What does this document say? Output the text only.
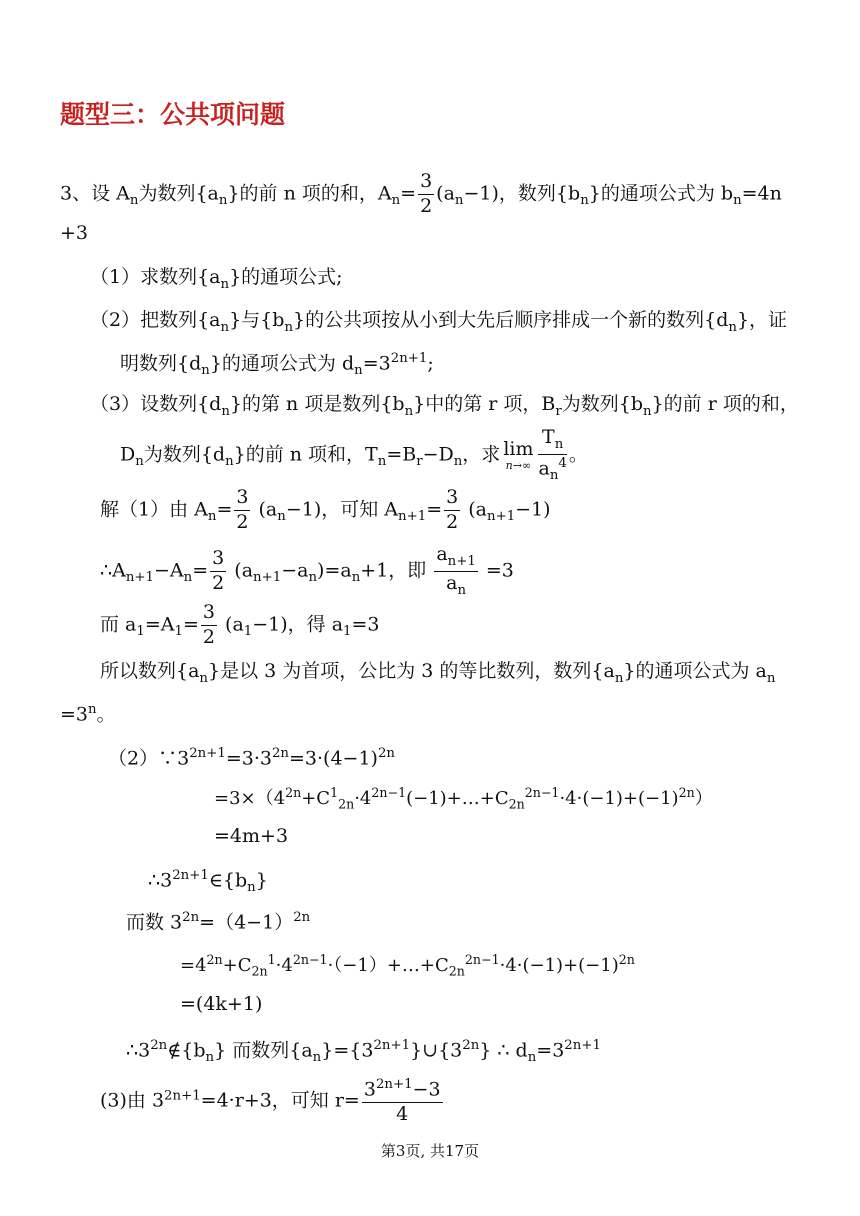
题型三：公共项问题
3、设 $A_n$为数列$\{a_n\}$的前 n 项的和，$A_n= \frac{3}{2} (a_n-1)$，数列$\{b_n\}$的通项公式为 $b_n=4n$
+3
（1）求数列$\{a_n\}$的通项公式;
（2）把数列$\{a_n\}$与$\{b_n\}$的公共项按从小到大先后顺序排成一个新的数列$\{d_n\}$，证
明数列$\{d_n\}$的通项公式为 $d_n=3^{2n+1}$;
（3）设数列$\{d_n\}$的第 n 项是数列$\{b_n\}$中的第 r 项，$B_r$为数列$\{b_n\}$的前 r 项的和，
$D_n$为数列$\{d_n\}$的前 n 项和，$T_n=B_r-D_n$，求 lim
$n\to\infty \frac{T_n}{a_n^4}$ 。
解（1）由 $A_n= \frac{3}{2} (a_n-1)$，可知 $A_{n+1}= \frac{3}{2} (a_{n+1}-1)$
$\therefore A_{n+1}-A_n= \frac{3}{2} (a_{n+1}-a_n)=a_n+1$，即 $\frac{a_{n+1}}{a_n} =3$
而 $a_1=A_1= \frac{3}{2} (a_1-1)$，得 $a_1=3$
所以数列$\{a_n\}$是以 3 为首项，公比为 3 的等比数列，数列$\{a_n\}$的通项公式为 $a_n$
$=3^n$。
$(2)\because 3^{2n+1}=3\cdot 3^{2n}=3\cdot(4-1)^{2n}$
$=3\times(4^{2n}+C^1_{2n}\cdot 4^{2n-1}(-1)+\dots+C_{2n}^{2n-1}\cdot 4\cdot(-1)+(-1)^{2n})$
=4m+3
$\therefore 3^{2n+1}\in\{b_n\}$
而数 $3^{2n}=(4-1)^{2n}$
$=4^{2n}+C_{2n}^1\cdot 4^{2n-1}\cdot(-1)+\dots+C_{2n}^{2n-1}\cdot 4\cdot(-1)+(-1)^{2n}$
=(4k+1)
$\therefore 3^{2n}\notin\{b_n\}$ 而数列$\{a_n\}=\{3^{2n+1}\}\cup\{3^{2n}\}$ ∴ $d_n=3^{2n+1}$
(3)由 $3^{2n+1}=4\cdot r+3$，可知 $r= \frac{3^{2n+1}-3}{4}$
第3页, 共17页
